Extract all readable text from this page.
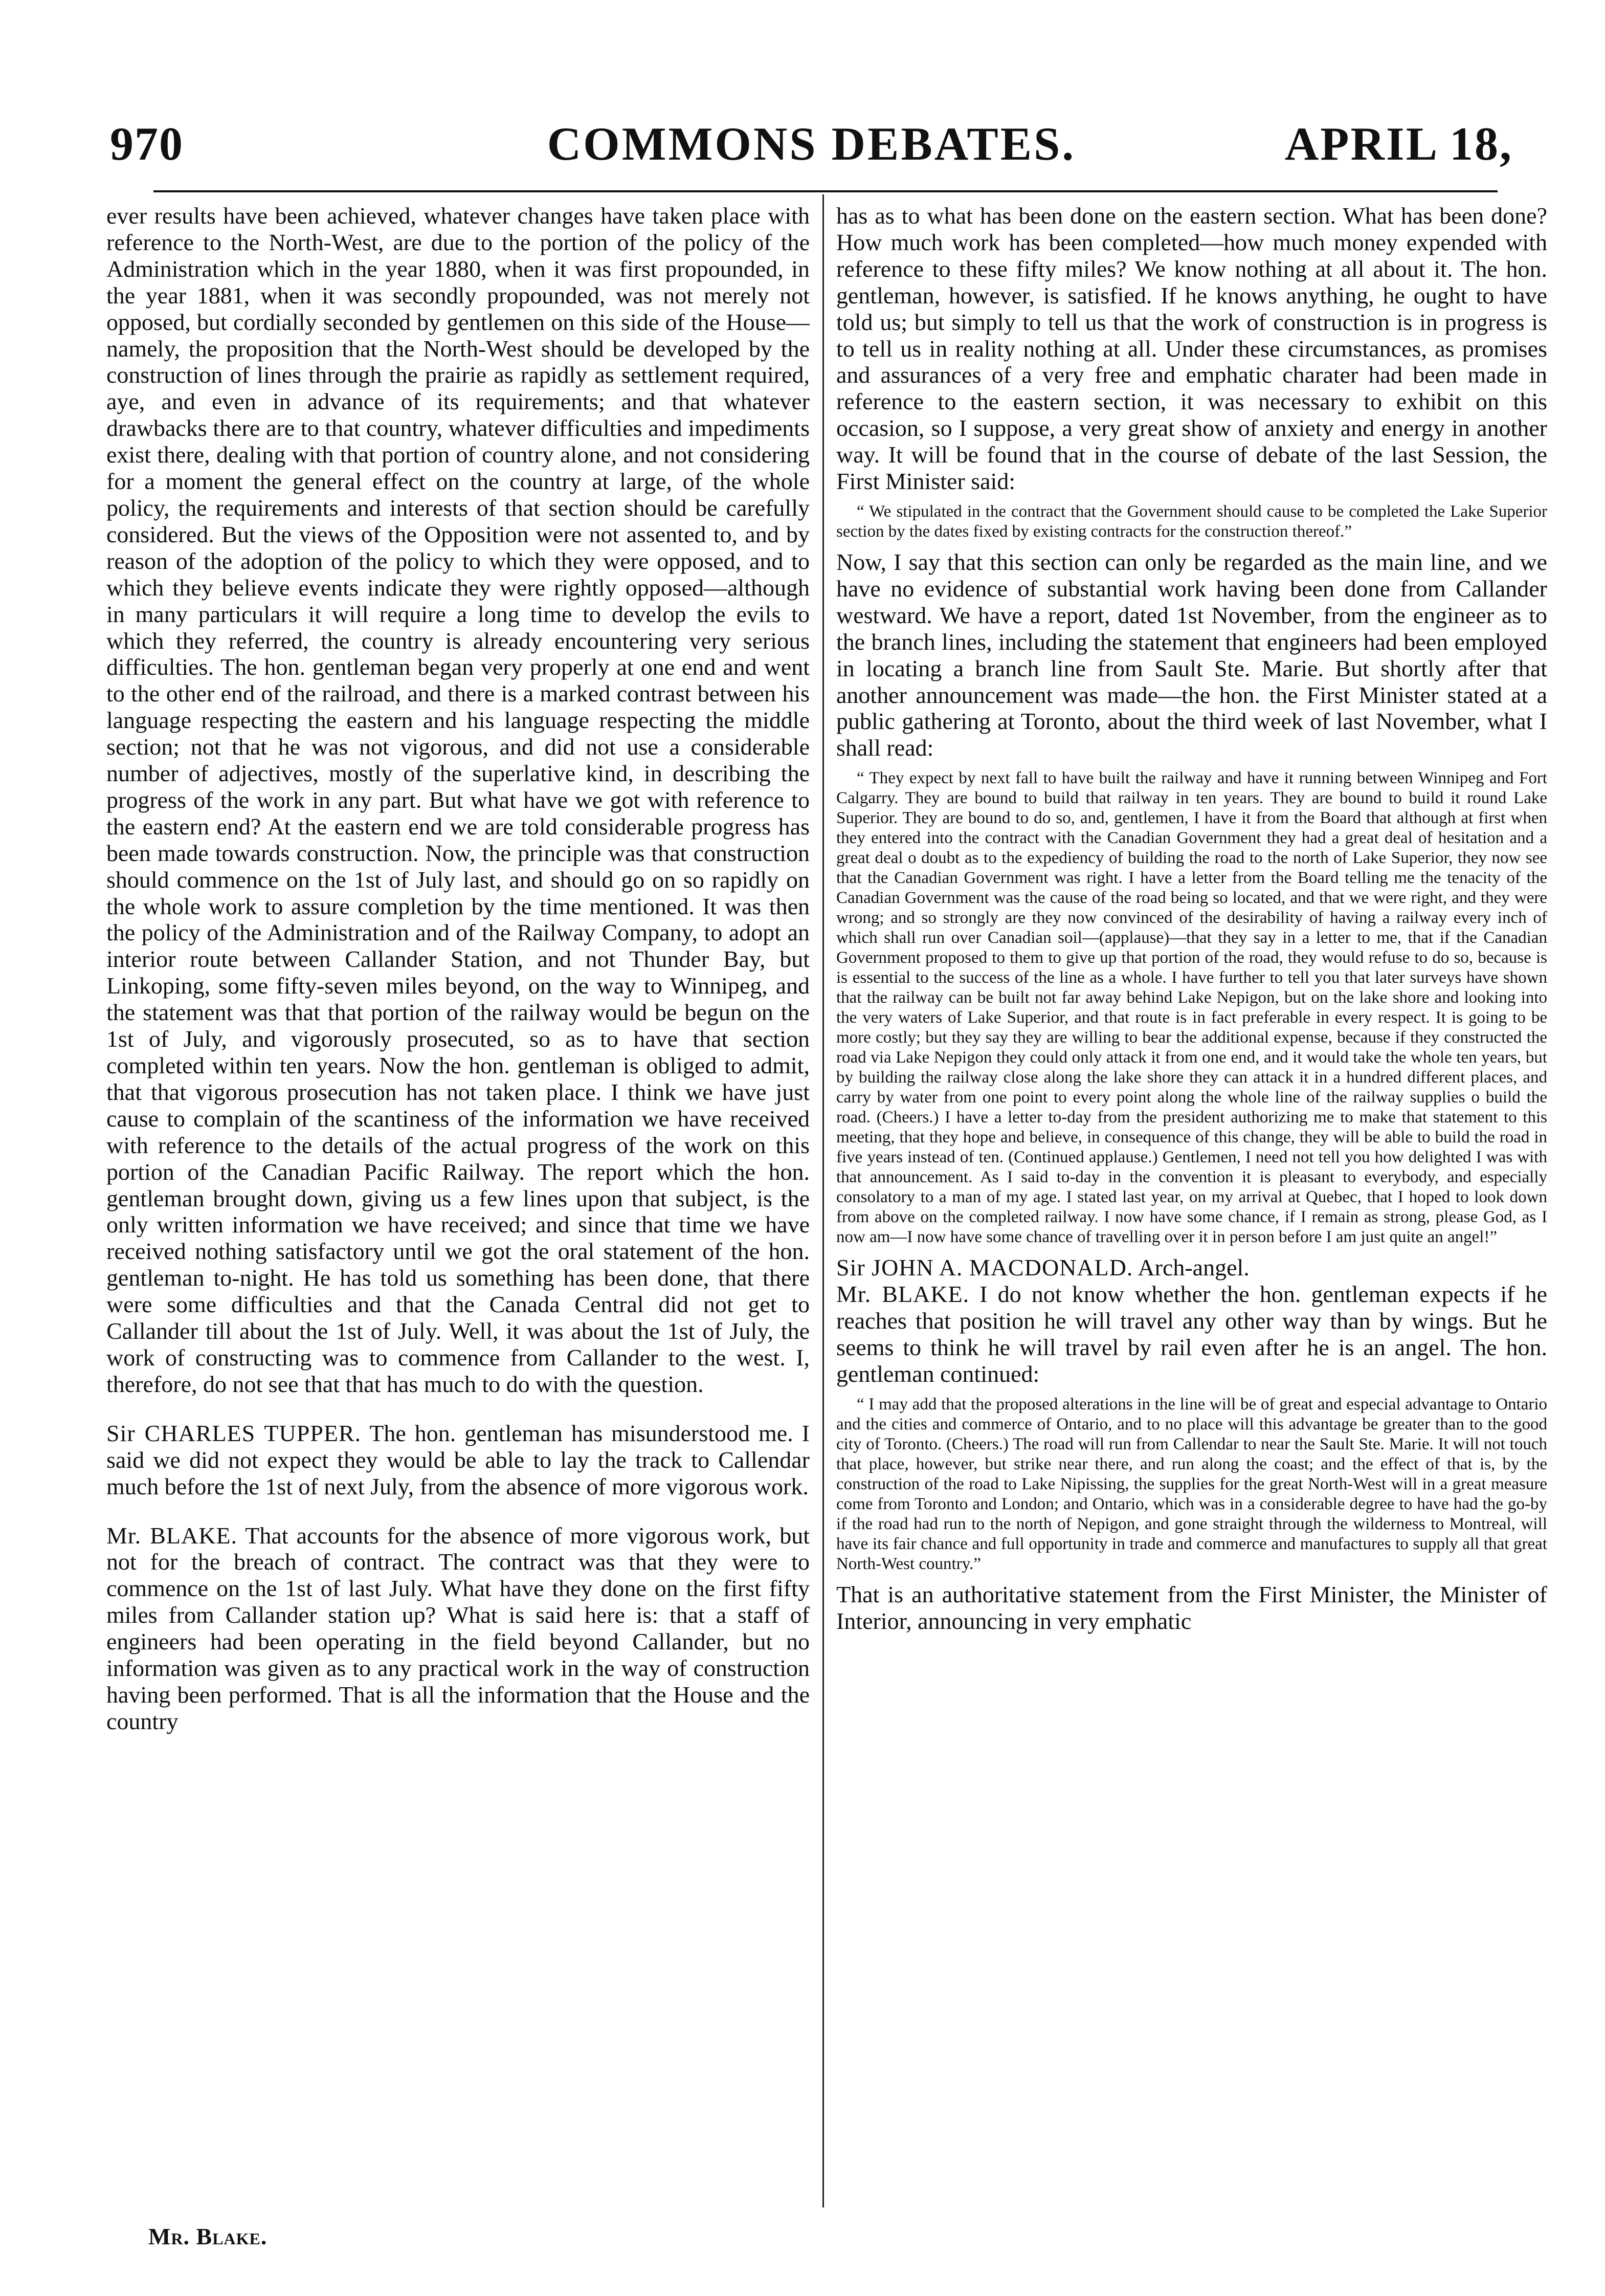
970	COMMONS DEBATES.	APRIL 18,

ever results have been achieved, whatever changes have taken place with reference to the North-West, are due to the portion of the policy of the Administration which in the year 1880, when it was first propounded, in the year 1881, when it was secondly propounded, was not merely not opposed, but cordially seconded by gentlemen on this side of the House—namely, the proposition that the North-West should be developed by the construction of lines through the prairie as rapidly as settlement required, aye, and even in advance of its requirements; and that whatever drawbacks there are to that country, whatever difficulties and impediments exist there, dealing with that portion of country alone, and not considering for a moment the general effect on the country at large, of the whole policy, the requirements and interests of that section should be carefully considered. But the views of the Opposition were not assented to, and by reason of the adoption of the policy to which they were opposed, and to which they believe events indicate they were rightly opposed—although in many particulars it will require a long time to develop the evils to which they referred, the country is already encountering very serious difficulties. The hon. gentleman began very properly at one end and went to the other end of the railroad, and there is a marked contrast between his language respecting the eastern and his language respecting the middle section; not that he was not vigorous, and did not use a considerable number of adjectives, mostly of the superlative kind, in describing the progress of the work in any part. But what have we got with reference to the eastern end? At the eastern end we are told considerable progress has been made towards construction. Now, the principle was that construction should commence on the 1st of July last, and should go on so rapidly on the whole work to assure completion by the time mentioned. It was then the policy of the Administration and of the Railway Company, to adopt an interior route between Callander Station, and not Thunder Bay, but Linkoping, some fifty-seven miles beyond, on the way to Winnipeg, and the statement was that that portion of the railway would be begun on the 1st of July, and vigorously prosecuted, so as to have that section completed within ten years. Now the hon. gentleman is obliged to admit, that that vigorous prosecution has not taken place. I think we have just cause to complain of the scantiness of the information we have received with reference to the details of the actual progress of the work on this portion of the Canadian Pacific Railway. The report which the hon. gentleman brought down, giving us a few lines upon that subject, is the only written information we have received; and since that time we have received nothing satisfactory until we got the oral statement of the hon. gentleman to-night. He has told us something has been done, that there were some difficulties and that the Canada Central did not get to Callander till about the 1st of July. Well, it was about the 1st of July, the work of constructing was to commence from Callander to the west. I, therefore, do not see that that has much to do with the question.

Sir CHARLES TUPPER. The hon. gentleman has misunderstood me. I said we did not expect they would be able to lay the track to Callendar much before the 1st of next July, from the absence of more vigorous work.

Mr. BLAKE. That accounts for the absence of more vigorous work, but not for the breach of contract. The contract was that they were to commence on the 1st of last July. What have they done on the first fifty miles from Callander station up? What is said here is: that a staff of engineers had been operating in the field beyond Callander, but no information was given as to any practical work in the way of construction having been performed. That is all the information that the House and the country

has as to what has been done on the eastern section. What has been done? How much work has been completed—how much money expended with reference to these fifty miles? We know nothing at all about it. The hon. gentleman, however, is satisfied. If he knows anything, he ought to have told us; but simply to tell us that the work of construction is in progress is to tell us in reality nothing at all. Under these circumstances, as promises and assurances of a very free and emphatic charater had been made in reference to the eastern section, it was necessary to exhibit on this occasion, so I suppose, a very great show of anxiety and energy in another way. It will be found that in the course of debate of the last Session, the First Minister said:

“ We stipulated in the contract that the Government should cause to be completed the Lake Superior section by the dates fixed by existing contracts for the construction thereof.”

Now, I say that this section can only be regarded as the main line, and we have no evidence of substantial work having been done from Callander westward. We have a report, dated 1st November, from the engineer as to the branch lines, including the statement that engineers had been employed in locating a branch line from Sault Ste. Marie. But shortly after that another announcement was made—the hon. the First Minister stated at a public gathering at Toronto, about the third week of last November, what I shall read:

“ They expect by next fall to have built the railway and have it running between Winnipeg and Fort Calgarry. They are bound to build that railway in ten years. They are bound to build it round Lake Superior. They are bound to do so, and, gentlemen, I have it from the Board that although at first when they entered into the contract with the Canadian Government they had a great deal of hesitation and a great deal o doubt as to the expediency of building the road to the north of Lake Superior, they now see that the Canadian Government was right. I have a letter from the Board telling me the tenacity of the Canadian Government was the cause of the road being so located, and that we were right, and they were wrong; and so strongly are they now convinced of the desirability of having a railway every inch of which shall run over Canadian soil—(applause)—that they say in a letter to me, that if the Canadian Government proposed to them to give up that portion of the road, they would refuse to do so, because is is essential to the success of the line as a whole. I have further to tell you that later surveys have shown that the railway can be built not far away behind Lake Nepigon, but on the lake shore and looking into the very waters of Lake Superior, and that route is in fact preferable in every respect. It is going to be more costly; but they say they are willing to bear the additional expense, because if they constructed the road via Lake Nepigon they could only attack it from one end, and it would take the whole ten years, but by building the railway close along the lake shore they can attack it in a hundred different places, and carry by water from one point to every point along the whole line of the railway supplies o build the road. (Cheers.) I have a letter to-day from the president authorizing me to make that statement to this meeting, that they hope and believe, in consequence of this change, they will be able to build the road in five years instead of ten. (Continued applause.) Gentlemen, I need not tell you how delighted I was with that announcement. As I said to-day in the convention it is pleasant to everybody, and especially consolatory to a man of my age. I stated last year, on my arrival at Quebec, that I hoped to look down from above on the completed railway. I now have some chance, if I remain as strong, please God, as I now am—I now have some chance of travelling over it in person before I am just quite an angel!”

Sir JOHN A. MACDONALD. Arch-angel.

Mr. BLAKE. I do not know whether the hon. gentleman expects if he reaches that position he will travel any other way than by wings. But he seems to think he will travel by rail even after he is an angel. The hon. gentleman continued:

“ I may add that the proposed alterations in the line will be of great and especial advantage to Ontario and the cities and commerce of Ontario, and to no place will this advantage be greater than to the good city of Toronto. (Cheers.) The road will run from Callendar to near the Sault Ste. Marie. It will not touch that place, however, but strike near there, and run along the coast; and the effect of that is, by the construction of the road to Lake Nipissing, the supplies for the great North-West will in a great measure come from Toronto and London; and Ontario, which was in a considerable degree to have had the go-by if the road had run to the north of Nepigon, and gone straight through the wilderness to Montreal, will have its fair chance and full opportunity in trade and commerce and manufactures to supply all that great North-West country.”

That is an authoritative statement from the First Minister, the Minister of Interior, announcing in very emphatic

Mr. Blake.
